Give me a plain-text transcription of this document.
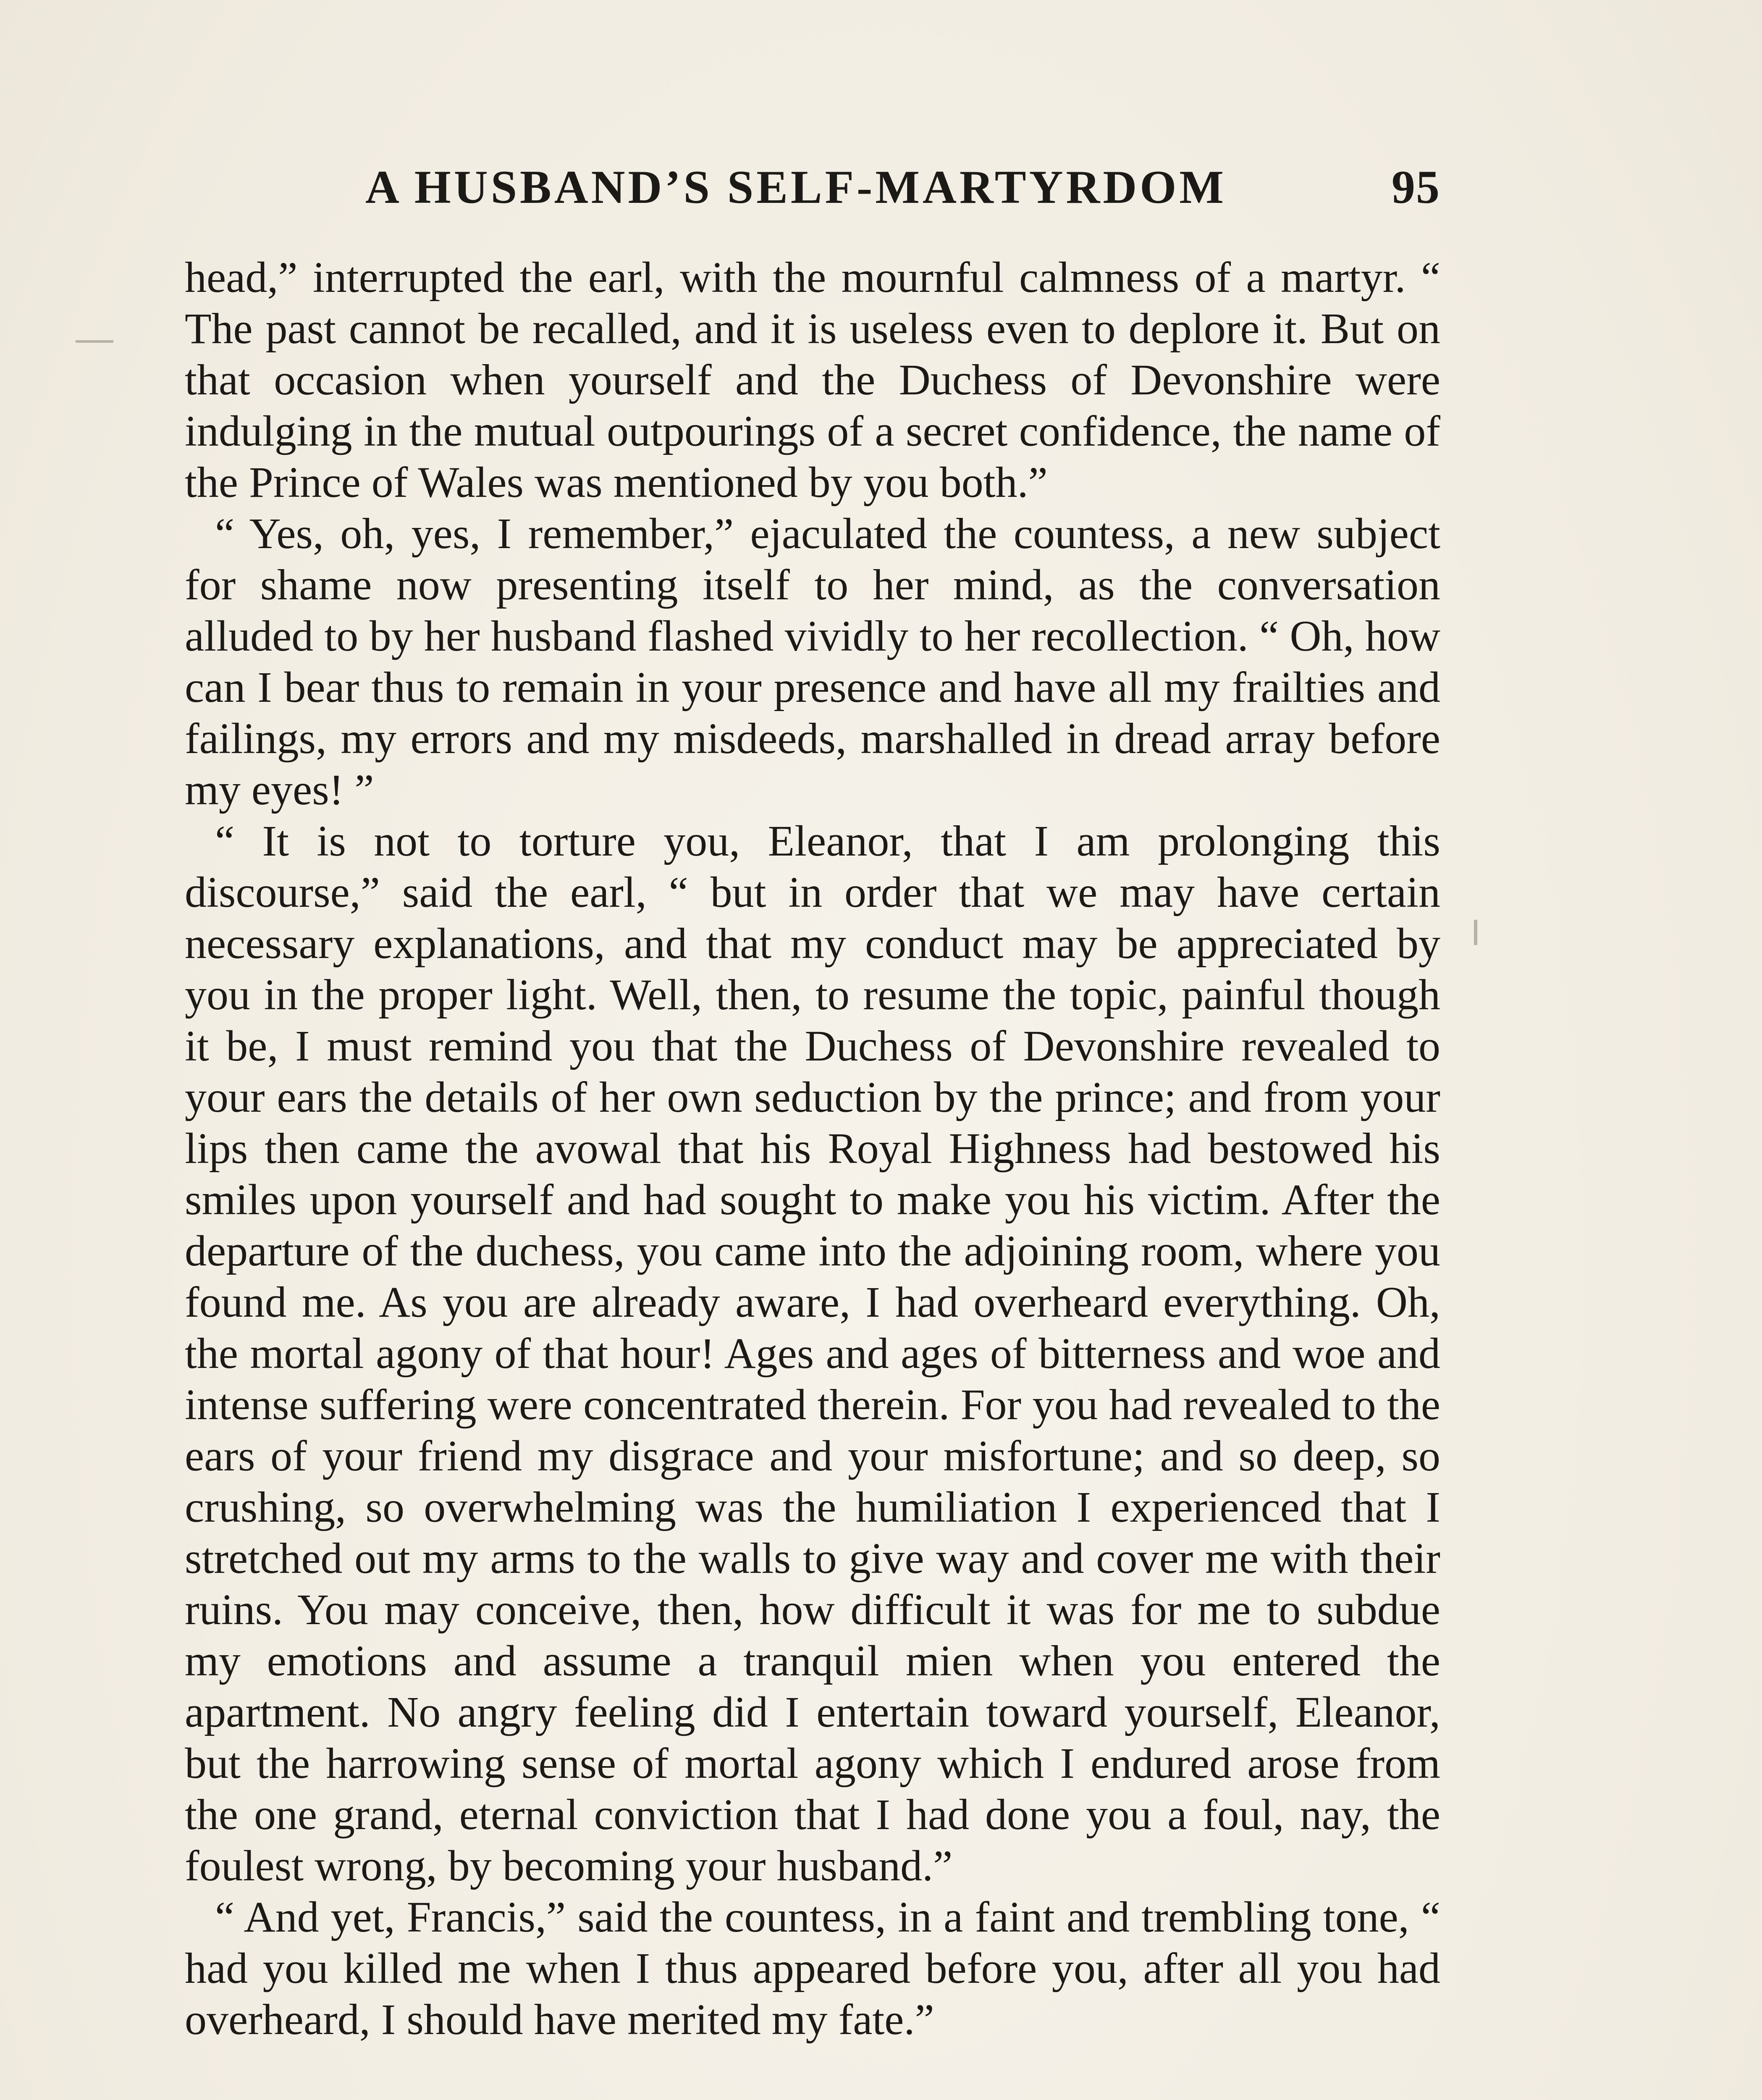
A HUSBAND’S SELF-MARTYRDOM	95

head,” interrupted the earl, with the mournful calmness of a martyr. “ The past cannot be recalled, and it is useless even to deplore it. But on that occasion when yourself and the Duchess of Devonshire were indulging in the mutual outpourings of a secret confidence, the name of the Prince of Wales was mentioned by you both.”

“ Yes, oh, yes, I remember,” ejaculated the countess, a new subject for shame now presenting itself to her mind, as the conversation alluded to by her husband flashed vividly to her recollection. “ Oh, how can I bear thus to remain in your presence and have all my frailties and failings, my errors and my misdeeds, marshalled in dread array before my eyes! ”

“ It is not to torture you, Eleanor, that I am prolonging this discourse,” said the earl, “ but in order that we may have certain necessary explanations, and that my conduct may be appreciated by you in the proper light. Well, then, to resume the topic, painful though it be, I must remind you that the Duchess of Devonshire revealed to your ears the details of her own seduction by the prince; and from your lips then came the avowal that his Royal Highness had bestowed his smiles upon yourself and had sought to make you his victim. After the departure of the duchess, you came into the adjoining room, where you found me. As you are already aware, I had overheard everything. Oh, the mortal agony of that hour! Ages and ages of bitterness and woe and intense suffering were concentrated therein. For you had revealed to the ears of your friend my disgrace and your misfortune; and so deep, so crushing, so overwhelming was the humiliation I experienced that I stretched out my arms to the walls to give way and cover me with their ruins. You may conceive, then, how difficult it was for me to subdue my emotions and assume a tranquil mien when you entered the apartment. No angry feeling did I entertain toward yourself, Eleanor, but the harrowing sense of mortal agony which I endured arose from the one grand, eternal conviction that I had done you a foul, nay, the foulest wrong, by becoming your husband.”

“ And yet, Francis,” said the countess, in a faint and trembling tone, “ had you killed me when I thus appeared before you, after all you had overheard, I should have merited my fate.”
